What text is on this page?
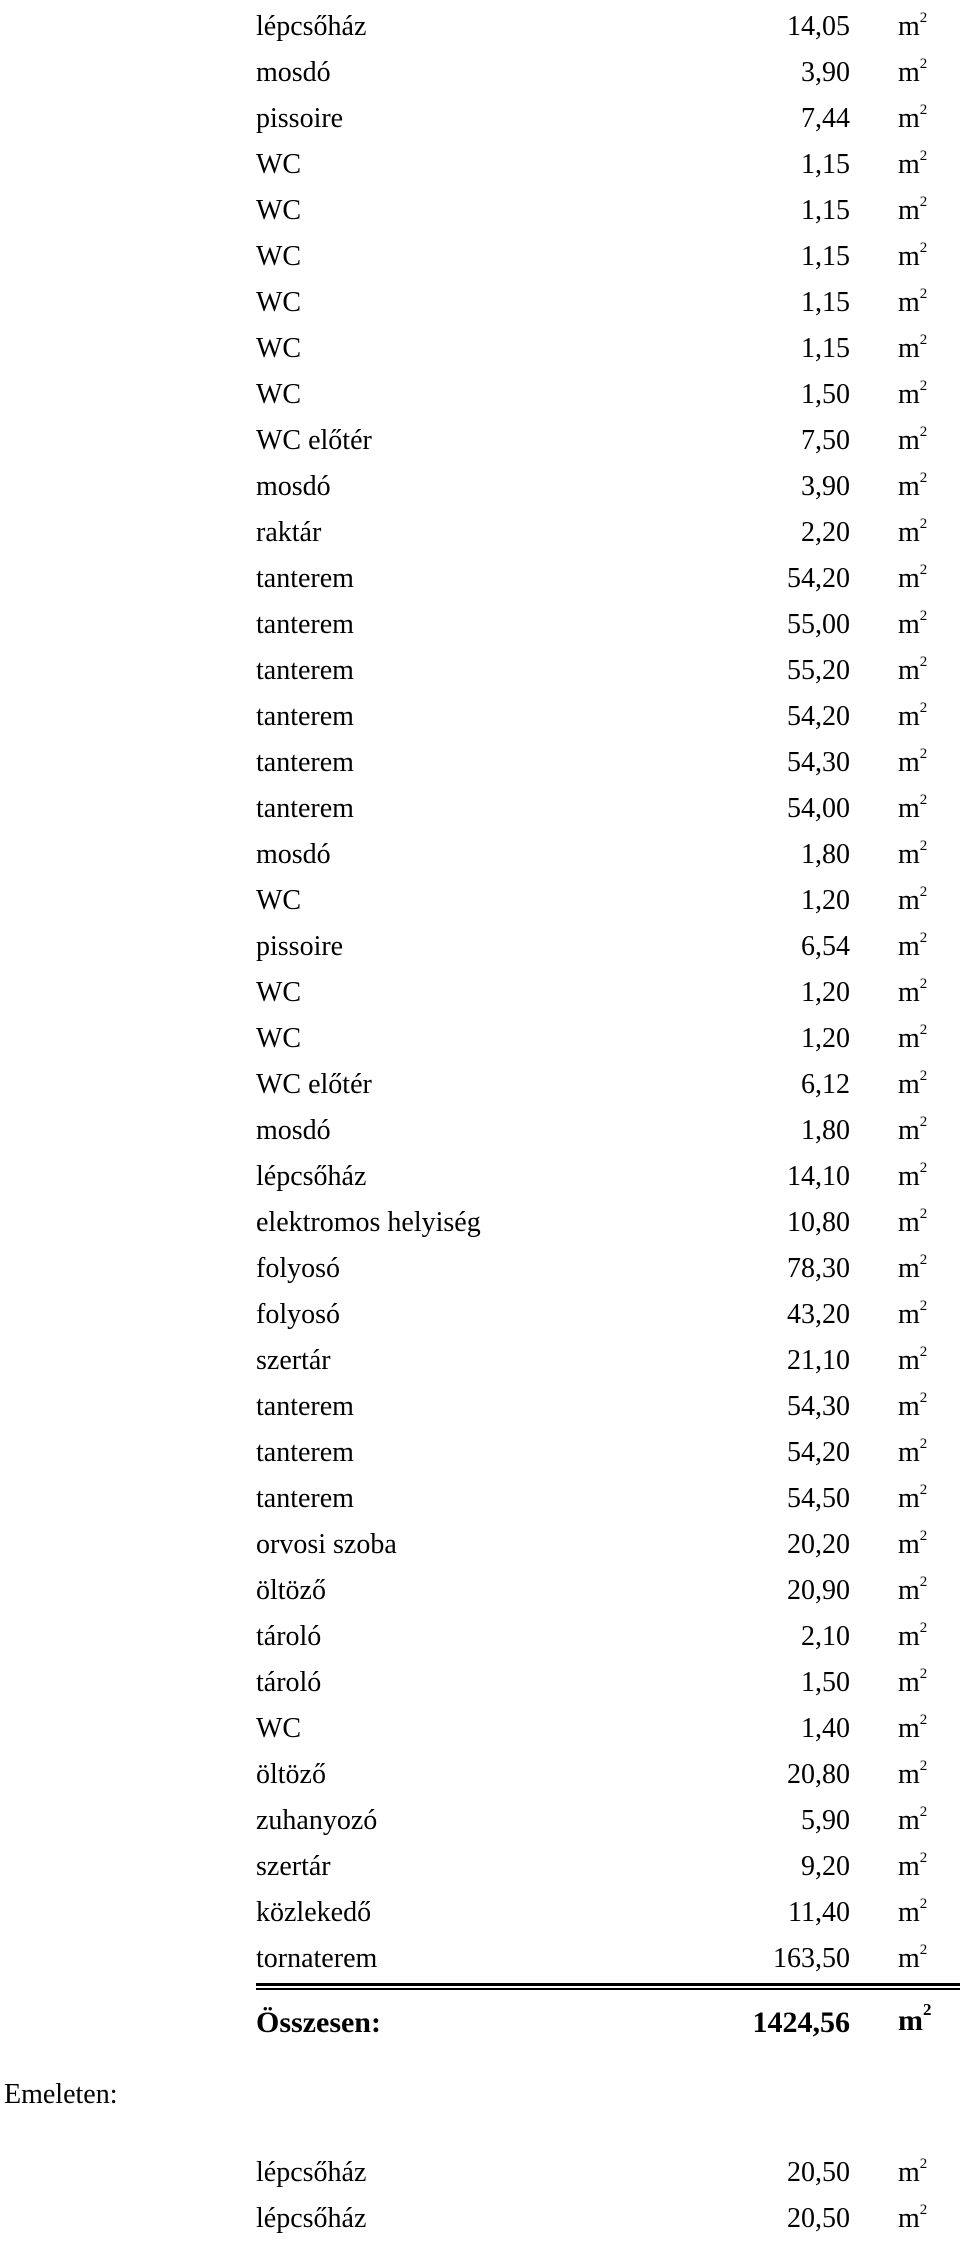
lépcsőház	14,05 $m^2$
mosdó	3,90 $m^2$
pissoire	7,44 $m^2$
WC	1,15 $m^2$
WC	1,15 $m^2$
WC	1,15 $m^2$
WC	1,15 $m^2$
WC	1,15 $m^2$
WC	1,50 $m^2$
WC előtér	7,50 $m^2$
mosdó	3,90 $m^2$
raktár	2,20 $m^2$
tanterem	54,20 $m^2$
tanterem	55,00 $m^2$
tanterem	55,20 $m^2$
tanterem	54,20 $m^2$
tanterem	54,30 $m^2$
tanterem	54,00 $m^2$
mosdó	1,80 $m^2$
WC	1,20 $m^2$
pissoire	6,54 $m^2$
WC	1,20 $m^2$
WC	1,20 $m^2$
WC előtér	6,12 $m^2$
mosdó	1,80 $m^2$
lépcsőház	14,10 $m^2$
elektromos helyiség	10,80 $m^2$
folyosó	78,30 $m^2$
folyosó	43,20 $m^2$
szertár	21,10 $m^2$
tanterem	54,30 $m^2$
tanterem	54,20 $m^2$
tanterem	54,50 $m^2$
orvosi szoba	20,20 $m^2$
öltöző	20,90 $m^2$
tároló	2,10 $m^2$
tároló	1,50 $m^2$
WC	1,40 $m^2$
öltöző	20,80 $m^2$
zuhanyozó	5,90 $m^2$
szertár	9,20 $m^2$
közlekedő	11,40 $m^2$
tornaterem	163,50 $m^2$
Összesen:	1424,56 $m^2$
Emeleten:
lépcsőház	20,50 $m^2$
lépcsőház	20,50 $m^2$
